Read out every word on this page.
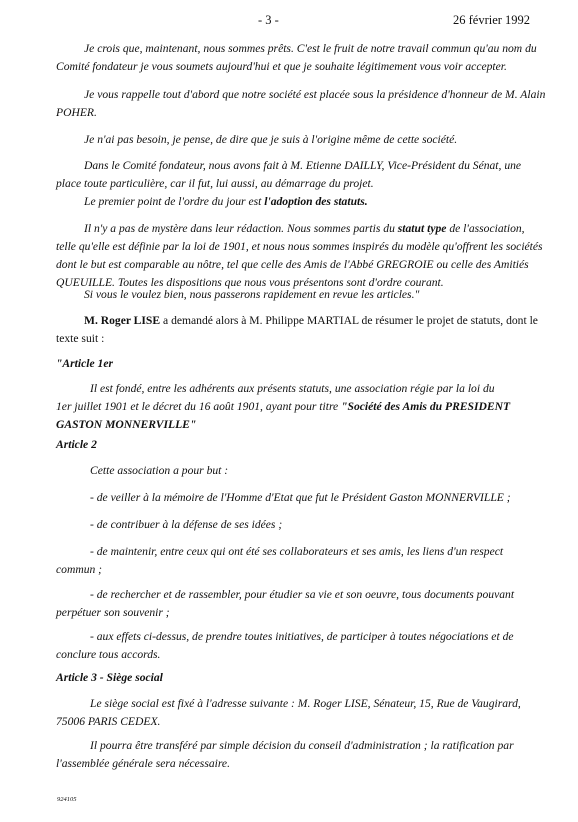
- 3 -	26 février 1992
Je crois que, maintenant, nous sommes prêts. C'est le fruit de notre travail commun qu'au nom du
Comité fondateur je vous soumets aujourd'hui et que je souhaite légitimement vous voir accepter.
Je vous rappelle tout d'abord que notre société est placée sous la présidence d'honneur de M. Alain
POHER.
Je n'ai pas besoin, je pense, de dire que je suis à l'origine même de cette société.
Dans le Comité fondateur, nous avons fait à M. Etienne DAILLY, Vice-Président du Sénat, une
place toute particulière, car il fut, lui aussi, au démarrage du projet.
Le premier point de l'ordre du jour est l'adoption des statuts.
Il n'y a pas de mystère dans leur rédaction. Nous sommes partis du statut type de l'association,
telle qu'elle est définie par la loi de 1901, et nous nous sommes inspirés du modèle qu'offrent les sociétés
dont le but est comparable au nôtre, tel que celle des Amis de l'Abbé GREGROIE ou celle des Amitiés
QUEUILLE. Toutes les dispositions que nous vous présentons sont d'ordre courant.
Si vous le voulez bien, nous passerons rapidement en revue les articles."
M. Roger LISE a demandé alors à M. Philippe MARTIAL de résumer le projet de statuts, dont le
texte suit :
"Article 1er
Il est fondé, entre les adhérents aux présents statuts, une association régie par la loi du
1er juillet 1901 et le décret du 16 août 1901, ayant pour titre "Société des Amis du PRESIDENT
GASTON MONNERVILLE"
Article 2
Cette association a pour but :
- de veiller à la mémoire de l'Homme d'Etat que fut le Président Gaston MONNERVILLE ;
- de contribuer à la défense de ses idées ;
- de maintenir, entre ceux qui ont été ses collaborateurs et ses amis, les liens d'un respect
commun ;
- de rechercher et de rassembler, pour étudier sa vie et son oeuvre, tous documents pouvant
perpétuer son souvenir ;
- aux effets ci-dessus, de prendre toutes initiatives, de participer à toutes négociations et de
conclure tous accords.
Article 3 - Siège social
Le siège social est fixé à l'adresse suivante : M. Roger LISE, Sénateur, 15, Rue de Vaugirard,
75006 PARIS CEDEX.
Il pourra être transféré par simple décision du conseil d'administration ; la ratification par
l'assemblée générale sera nécessaire.
924105
